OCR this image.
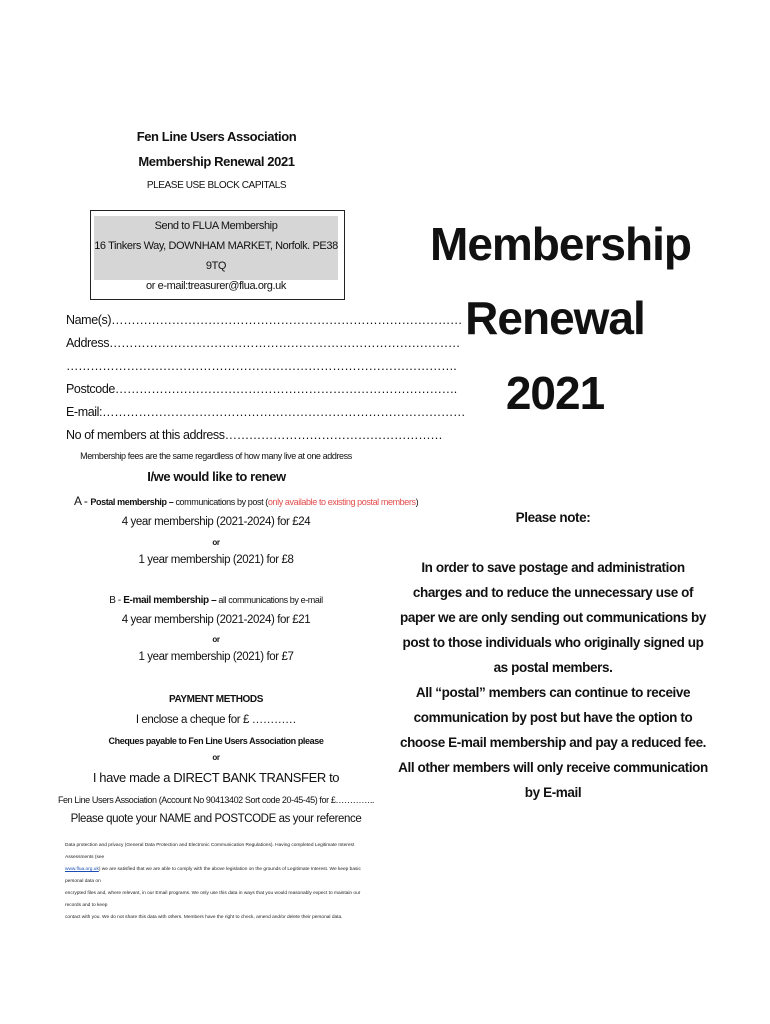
Fen Line Users Association
Membership Renewal 2021
PLEASE USE BLOCK CAPITALS
Send to FLUA Membership
16 Tinkers Way, DOWNHAM MARKET, Norfolk. PE38 9TQ
or e-mail:treasurer@flua.org.uk
Name(s)……………………………………………………………………………
Address……………………………………………………………………………
…………………………………………………………………………………….
Postcode………………………………………………………………………….
E-mail:………………………………………………………………………………
No of members at this address………………………………………………
Membership fees are the same regardless of how many live at one address
I/we would like to renew
A - Postal membership – communications by post (only available to existing postal members)
4 year membership (2021-2024) for £24
or
1 year membership (2021) for £8
B - E-mail membership – all communications by e-mail
4 year membership (2021-2024) for £21
or
1 year membership (2021) for £7
PAYMENT METHODS
I enclose a cheque for £ …………
Cheques payable to Fen Line Users Association please
or
I have made a DIRECT BANK TRANSFER to
Fen Line Users Association (Account No 90413402 Sort code 20-45-45) for £…………..
Please quote your NAME and POSTCODE as your reference
Data protection and privacy (General Data Protection and Electronic Communication Regulations). Having completed Legitimate Interest Assessments (see
www.flua.org.uk) we are satisfied that we are able to comply with the above legislation on the grounds of Legitimate Interest. We keep basic personal data on
encrypted files and, where relevant, in our Email programs. We only use this data in ways that you would reasonably expect to maintain our records and to keep
contact with you. We do not share this data with others. Members have the right to check, amend and/or delete their personal data.
Membership
Renewal
2021
Please note:
In order to save postage and administration charges and to reduce the unnecessary use of paper we are only sending out communications by post to those individuals who originally signed up as postal members.
All “postal” members can continue to receive communication by post but have the option to choose E-mail membership and pay a reduced fee. All other members will only receive communication by E-mail
